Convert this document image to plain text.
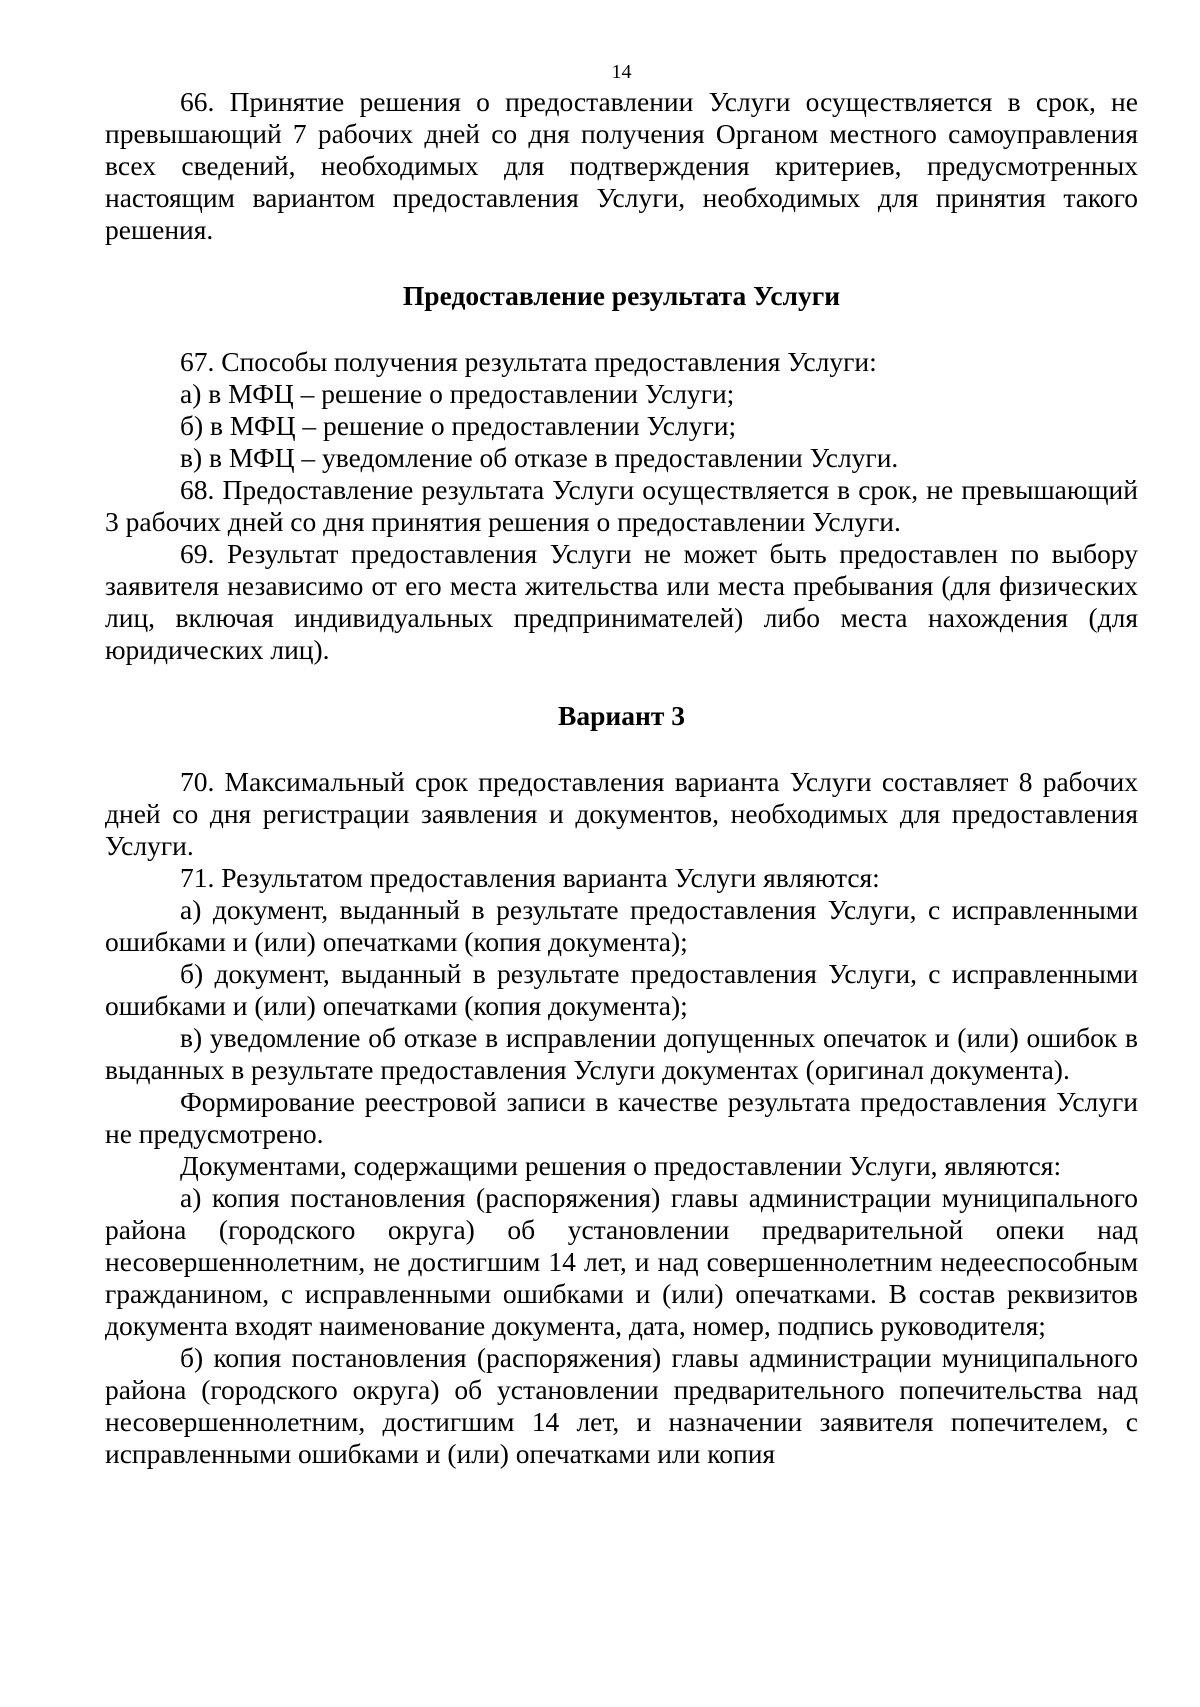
14

66. Принятие решения о предоставлении Услуги осуществляется в срок, не превышающий 7 рабочих дней со дня получения Органом местного самоуправления всех сведений, необходимых для подтверждения критериев, предусмотренных настоящим вариантом предоставления Услуги, необходимых для принятия такого решения.

Предоставление результата Услуги

67. Способы получения результата предоставления Услуги:

а) в МФЦ – решение о предоставлении Услуги;

б) в МФЦ – решение о предоставлении Услуги;

в) в МФЦ – уведомление об отказе в предоставлении Услуги.

68. Предоставление результата Услуги осуществляется в срок, не превышающий 3 рабочих дней со дня принятия решения о предоставлении Услуги.

69. Результат предоставления Услуги не может быть предоставлен по выбору заявителя независимо от его места жительства или места пребывания (для физических лиц, включая индивидуальных предпринимателей) либо места нахождения (для юридических лиц).

Вариант 3

70. Максимальный срок предоставления варианта Услуги составляет 8 рабочих дней со дня регистрации заявления и документов, необходимых для предоставления Услуги.

71. Результатом предоставления варианта Услуги являются:

а) документ, выданный в результате предоставления Услуги, с исправленными ошибками и (или) опечатками (копия документа);

б) документ, выданный в результате предоставления Услуги, с исправленными ошибками и (или) опечатками (копия документа);

в) уведомление об отказе в исправлении допущенных опечаток и (или) ошибок в выданных в результате предоставления Услуги документах (оригинал документа).

Формирование реестровой записи в качестве результата предоставления Услуги не предусмотрено.

Документами, содержащими решения о предоставлении Услуги, являются:

а) копия постановления (распоряжения) главы администрации муниципального района (городского округа) об установлении предварительной опеки над несовершеннолетним, не достигшим 14 лет, и над совершеннолетним недееспособным гражданином, с исправленными ошибками и (или) опечатками. В состав реквизитов документа входят наименование документа, дата, номер, подпись руководителя;

б) копия постановления (распоряжения) главы администрации муниципального района (городского округа) об установлении предварительного попечительства над несовершеннолетним, достигшим 14 лет, и назначении заявителя попечителем, с исправленными ошибками и (или) опечатками или копия
